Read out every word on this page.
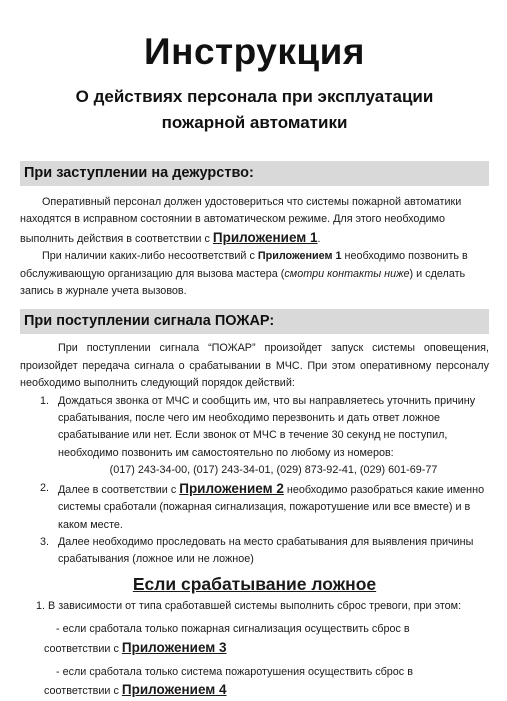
Инструкция
О действиях персонала при эксплуатации
пожарной автоматики
При заступлении на дежурство:

Оперативный персонал должен удостовериться что системы пожарной автоматики находятся в исправном состоянии в автоматическом режиме. Для этого необходимо выполнить действия в соответствии с Приложением 1.

При наличии каких-либо несоответствий с Приложением 1 необходимо позвонить в обслуживающую организацию для вызова мастера (смотри контакты ниже) и сделать запись в журнале учета вызовов.

При поступлении сигнала ПОЖАР:

При поступлении сигнала “ПОЖАР” произойдет запуск системы оповещения, произойдет передача сигнала о срабатывании в МЧС. При этом оперативному персоналу необходимо выполнить следующий порядок действий:

1. Дождаться звонка от МЧС и сообщить им, что вы направляетесь уточнить причину срабатывания, после чего им необходимо перезвонить и дать ответ ложное срабатывание или нет. Если звонок от МЧС в течение 30 секунд не поступил, необходимо позвонить им самостоятельно по любому из номеров:
(017) 243-34-00, (017) 243-34-01, (029) 873-92-41, (029) 601-69-77
2. Далее в соответствии с Приложением 2 необходимо разобраться какие именно системы сработали (пожарная сигнализация, пожаротушение или все вместе) и в каком месте.
3. Далее необходимо проследовать на место срабатывания для выявления причины срабатывания (ложное или не ложное)
Если срабатывание ложное

1. В зависимости от типа сработавшей системы выполнить сброс тревоги, при этом:

- если сработала только пожарная сигнализация осуществить сброс в
соответствии с Приложением 3
- если сработала только система пожаротушения осуществить сброс в
соответствии с Приложением 4
